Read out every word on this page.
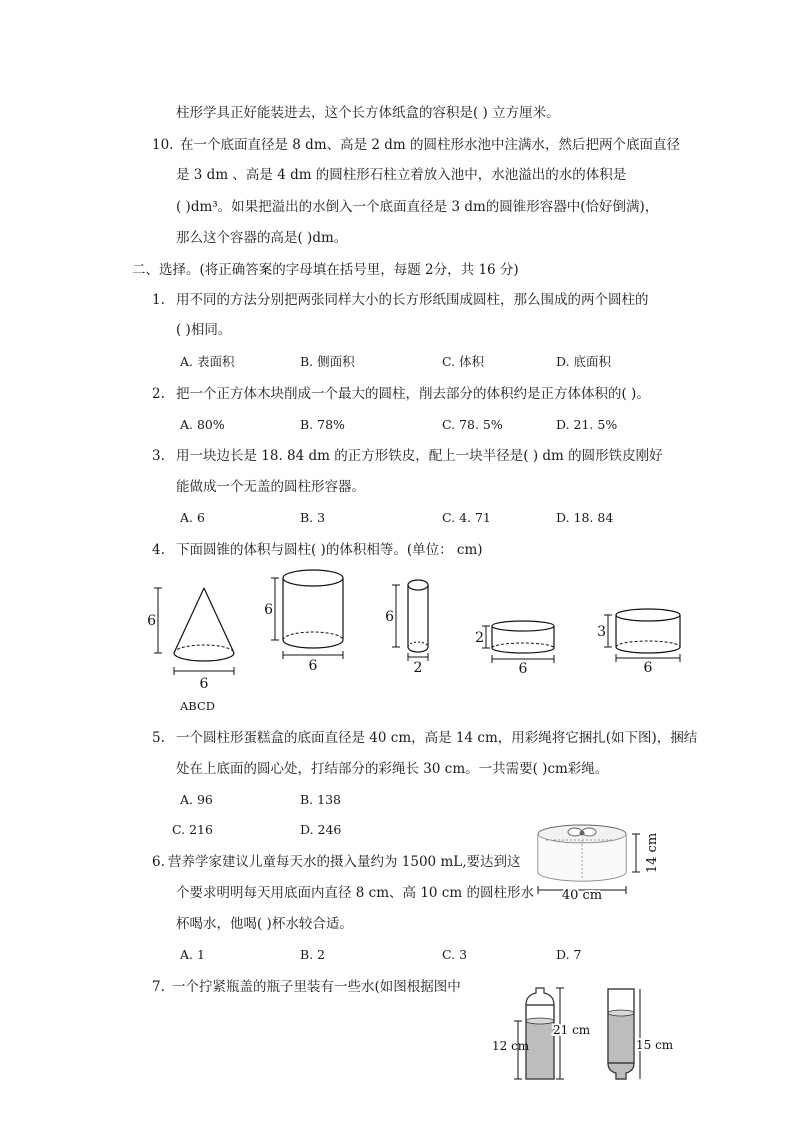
柱形学具正好能装进去，这个长方体纸盒的容积是( ) 立方厘米。
10. 在一个底面直径是 8 dm、高是 2 dm 的圆柱形水池中注满水，然后把两个底面直径
是 3 dm 、高是 4 dm 的圆柱形石柱立着放入池中，水池溢出的水的体积是
( )dm³。如果把溢出的水倒入一个底面直径是 3 dm的圆锥形容器中(恰好倒满)，
那么这个容器的高是( )dm。
二、选择。(将正确答案的字母填在括号里，每题 2分，共 16 分)
1. 用不同的方法分别把两张同样大小的长方形纸围成圆柱，那么围成的两个圆柱的
( )相同。
A. 表面积	B. 侧面积	C. 体积	D. 底面积
2. 把一个正方体木块削成一个最大的圆柱，削去部分的体积约是正方体体积的( )。
A. 80%	B. 78%	C. 78. 5%	D. 21. 5%
3. 用一块边长是 18. 84 dm 的正方形铁皮，配上一块半径是( ) dm 的圆形铁皮刚好
能做成一个无盖的圆柱形容器。
A. 6	B. 3	C. 4. 71	D. 18. 84
4. 下面圆锥的体积与圆柱( )的体积相等。(单位： cm)
6
6
6
6
6
2
2
6
3
6
ABCD
5. 一个圆柱形蛋糕盒的底面直径是 40 cm，高是 14 cm，用彩绳将它捆扎(如下图)，捆结
处在上底面的圆心处，打结部分的彩绳长 30 cm。一共需要( )cm彩绳。
A. 96	B. 138
C. 216	D. 246
40 cm
14 cm
6. 营养学家建议儿童每天水的摄入量约为 1500 mL,要达到这
个要求明明每天用底面内直径 8 cm、高 10 cm 的圆柱形水
杯喝水，他喝( )杯水较合适。
A. 1	B. 2	C. 3	D. 7
7. 一个拧紧瓶盖的瓶子里装有一些水(如图根据图中
12 cm
21 cm
15 cm
